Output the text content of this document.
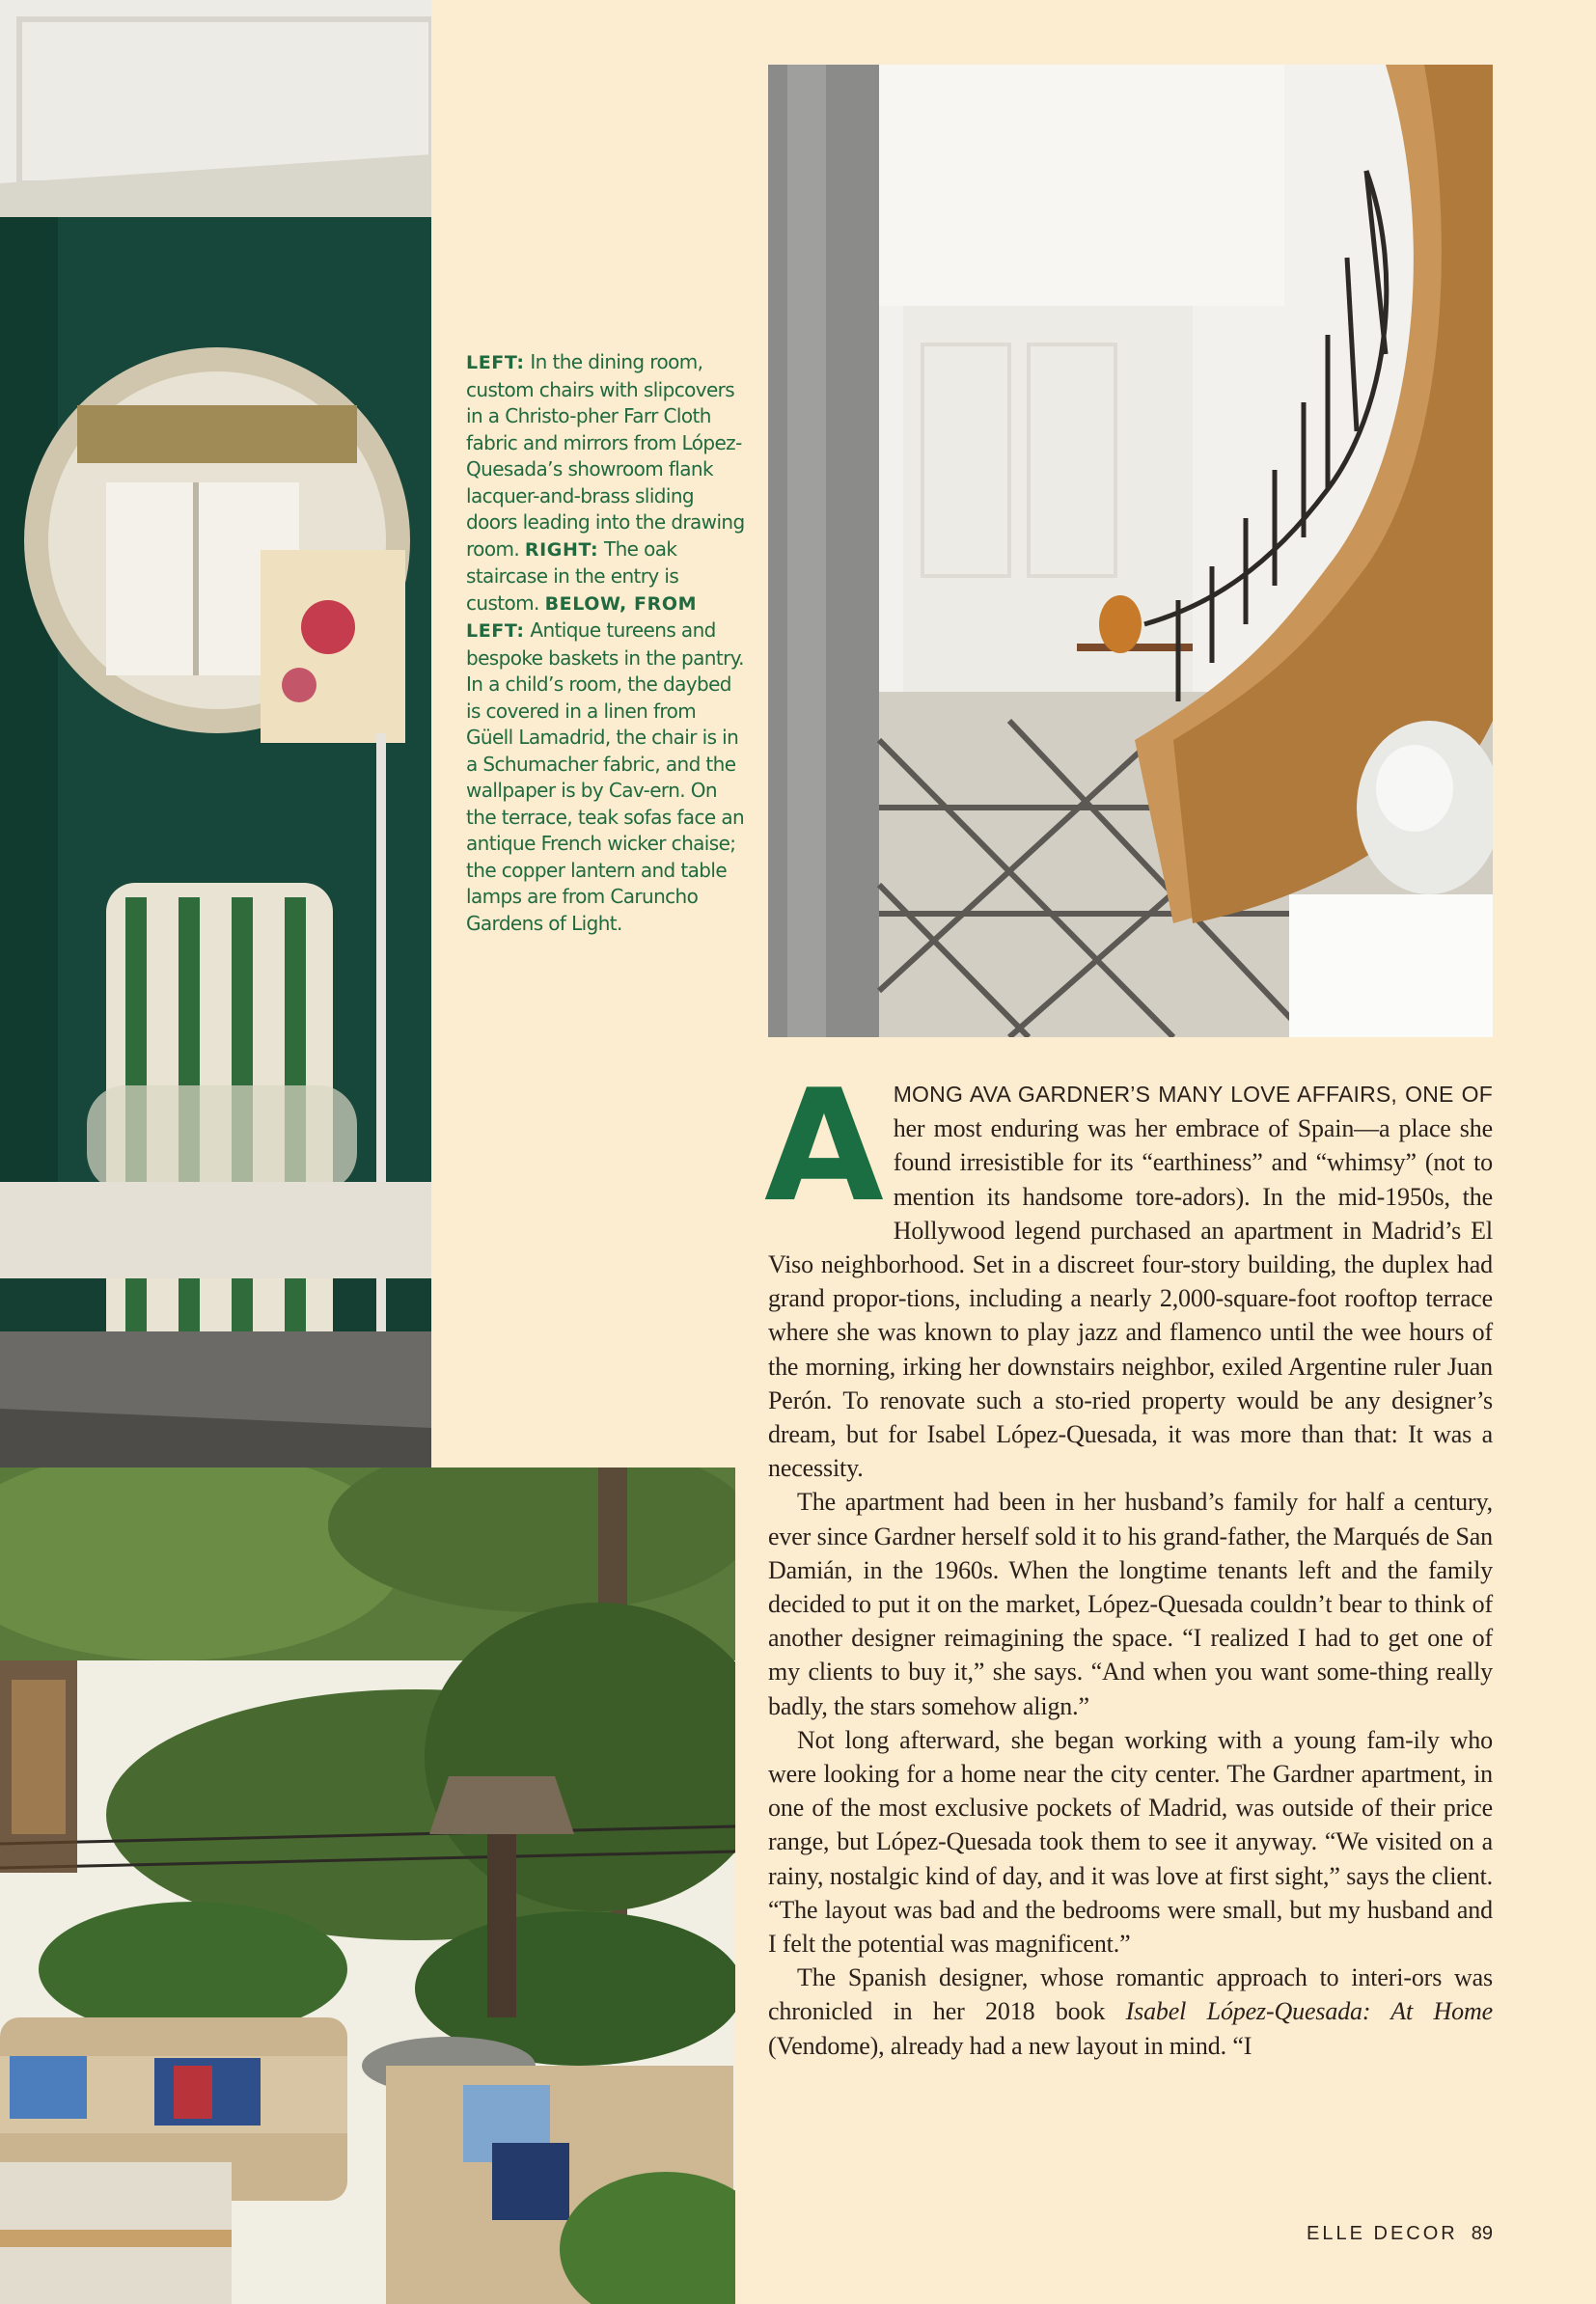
LEFT: In the dining room, custom chairs with slipcovers in a Christo-pher Farr Cloth fabric and mirrors from López-Quesada’s showroom flank lacquer-and-brass sliding doors leading into the drawing room. RIGHT: The oak staircase in the entry is custom. BELOW, FROM LEFT: Antique tureens and bespoke baskets in the pantry. In a child’s room, the daybed is covered in a linen from Güell Lamadrid, the chair is in a Schumacher fabric, and the wallpaper is by Cav-ern. On the terrace, teak sofas face an antique French wicker chaise; the copper lantern and table lamps are from Caruncho Gardens of Light.

AMONG AVA GARDNER’S MANY LOVE AFFAIRS, ONE OF her most enduring was her embrace of Spain—a place she found irresistible for its “earthiness” and “whimsy” (not to mention its handsome tore-adors). In the mid-1950s, the Hollywood legend purchased an apartment in Madrid’s El Viso neighborhood. Set in a discreet four-story building, the duplex had grand propor-tions, including a nearly 2,000-square-foot rooftop terrace where she was known to play jazz and flamenco until the wee hours of the morning, irking her downstairs neighbor, exiled Argentine ruler Juan Perón. To renovate such a sto-ried property would be any designer’s dream, but for Isabel López-Quesada, it was more than that: It was a necessity.

The apartment had been in her husband’s family for half a century, ever since Gardner herself sold it to his grand-father, the Marqués de San Damián, in the 1960s. When the longtime tenants left and the family decided to put it on the market, López-Quesada couldn’t bear to think of another designer reimagining the space. “I realized I had to get one of my clients to buy it,” she says. “And when you want some-thing really badly, the stars somehow align.”

Not long afterward, she began working with a young fam-ily who were looking for a home near the city center. The Gardner apartment, in one of the most exclusive pockets of Madrid, was outside of their price range, but López-Quesada took them to see it anyway. “We visited on a rainy, nostalgic kind of day, and it was love at first sight,” says the client. “The layout was bad and the bedrooms were small, but my husband and I felt the potential was magnificent.”

The Spanish designer, whose romantic approach to interi-ors was chronicled in her 2018 book Isabel López-Quesada: At Home (Vendome), already had a new layout in mind. “I

ELLE DECOR 89
